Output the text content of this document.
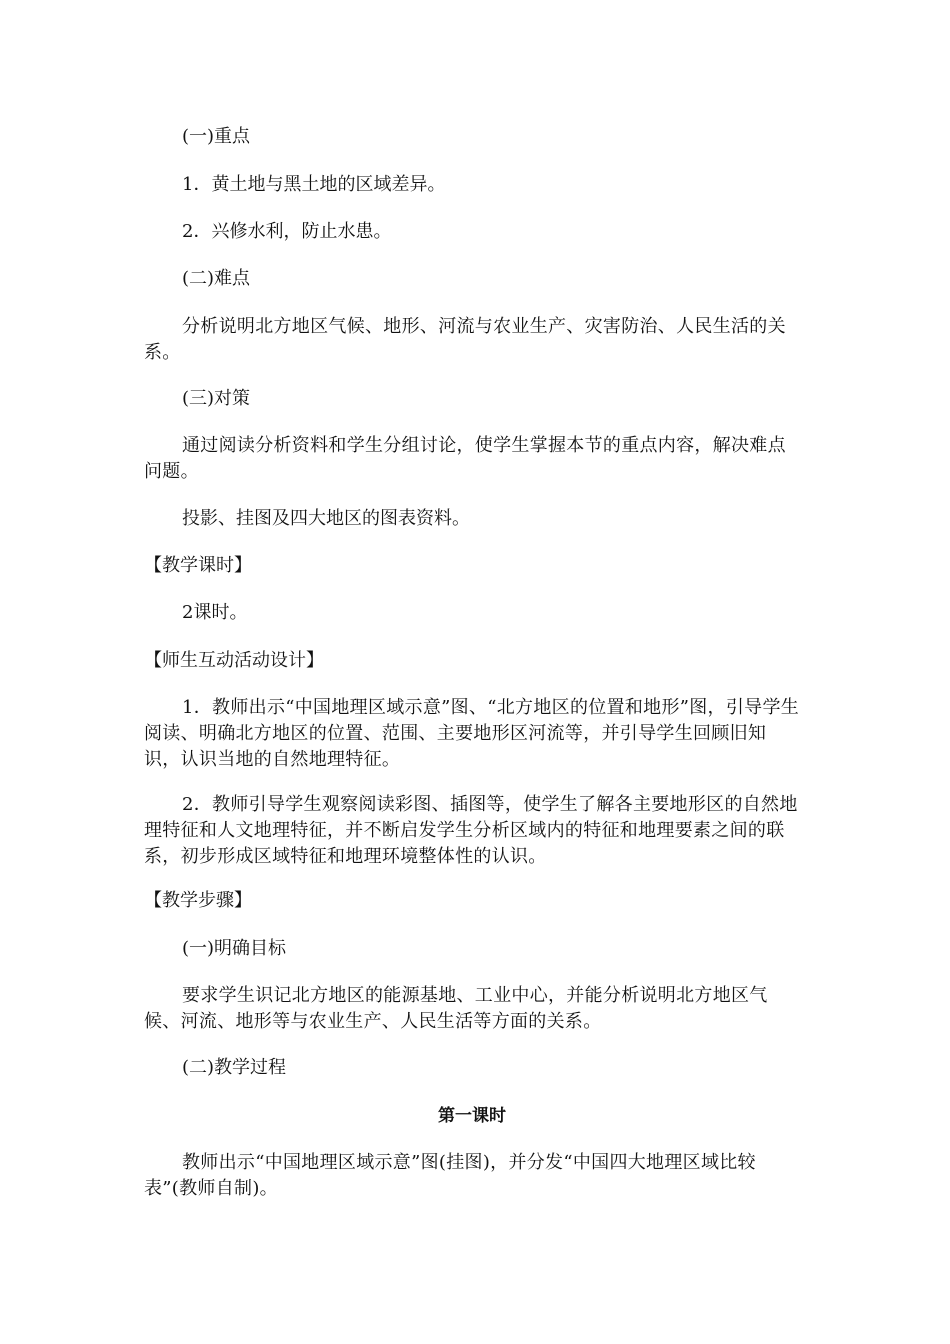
(一)重点
1．黄土地与黑土地的区域差异。
2．兴修水利，防止水患。
(二)难点
分析说明北方地区气候、地形、河流与农业生产、灾害防治、人民生活的关系。
(三)对策
通过阅读分析资料和学生分组讨论，使学生掌握本节的重点内容，解决难点问题。
投影、挂图及四大地区的图表资料。
【教学课时】
2课时。
【师生互动活动设计】
1．教师出示“中国地理区域示意”图、“北方地区的位置和地形”图，引导学生阅读、明确北方地区的位置、范围、主要地形区河流等，并引导学生回顾旧知识，认识当地的自然地理特征。
2．教师引导学生观察阅读彩图、插图等，使学生了解各主要地形区的自然地理特征和人文地理特征，并不断启发学生分析区域内的特征和地理要素之间的联系，初步形成区域特征和地理环境整体性的认识。
【教学步骤】
(一)明确目标
要求学生识记北方地区的能源基地、工业中心，并能分析说明北方地区气候、河流、地形等与农业生产、人民生活等方面的关系。
(二)教学过程
第一课时
教师出示“中国地理区域示意”图(挂图)，并分发“中国四大地理区域比较表”(教师自制)。
